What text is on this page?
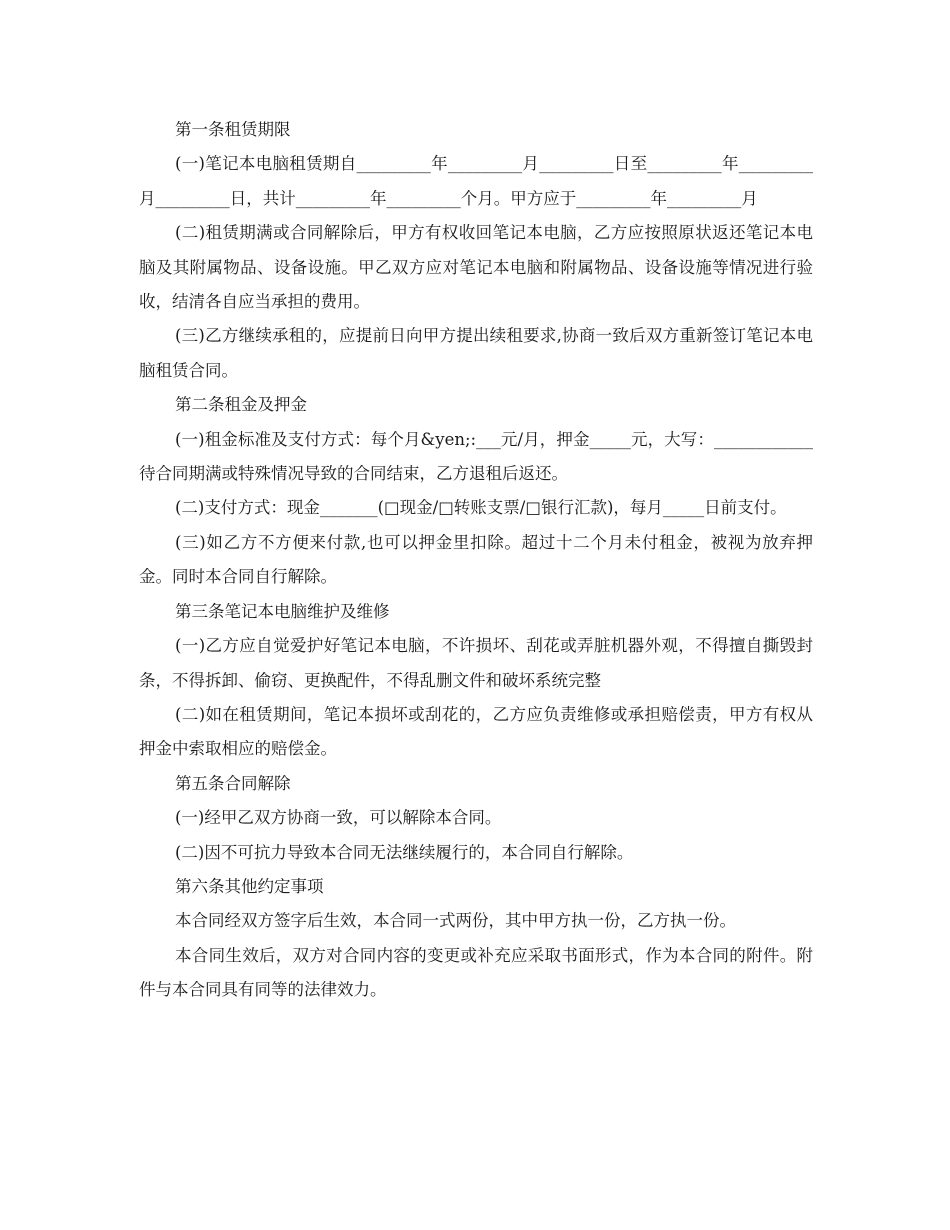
第一条租赁期限

(一)笔记本电脑租赁期自_________年_________月_________日至_________年_________月_________日，共计_________年_________个月。甲方应于_________年_________月

(二)租赁期满或合同解除后，甲方有权收回笔记本电脑，乙方应按照原状返还笔记本电脑及其附属物品、设备设施。甲乙双方应对笔记本电脑和附属物品、设备设施等情况进行验收，结清各自应当承担的费用。

(三)乙方继续承租的，应提前日向甲方提出续租要求,协商一致后双方重新签订笔记本电脑租赁合同。

第二条租金及押金

(一)租金标准及支付方式：每个月&yen;:___元/月，押金_____元，大写：____________待合同期满或特殊情况导致的合同结束，乙方退租后返还。

(二)支付方式：现金_______(□现金/□转账支票/□银行汇款)，每月_____日前支付。

(三)如乙方不方便来付款,也可以押金里扣除。超过十二个月未付租金，被视为放弃押金。同时本合同自行解除。

第三条笔记本电脑维护及维修

(一)乙方应自觉爱护好笔记本电脑，不许损坏、刮花或弄脏机器外观，不得擅自撕毁封条，不得拆卸、偷窃、更换配件，不得乱删文件和破坏系统完整

(二)如在租赁期间，笔记本损坏或刮花的，乙方应负责维修或承担赔偿责，甲方有权从押金中索取相应的赔偿金。

第五条合同解除

(一)经甲乙双方协商一致，可以解除本合同。

(二)因不可抗力导致本合同无法继续履行的，本合同自行解除。

第六条其他约定事项

本合同经双方签字后生效，本合同一式两份，其中甲方执一份，乙方执一份。

本合同生效后，双方对合同内容的变更或补充应采取书面形式，作为本合同的附件。附件与本合同具有同等的法律效力。
